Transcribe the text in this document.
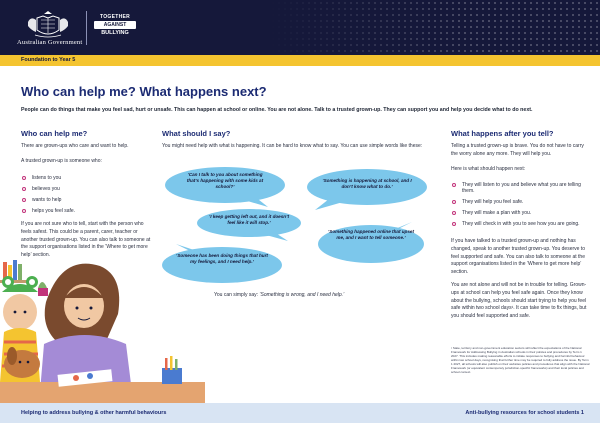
Australian Government
TOGETHER
AGAINST
BULLYING
Foundation to Year 5
Who can help me? What happens next?

People can do things that make you feel sad, hurt or unsafe. This can happen at school or online. You are not alone. Talk to a trusted grown-up. They can support you and help you decide what to do next.

Who can help me?

There are grown-ups who care and want to help.

A trusted grown-up is someone who:

listens to you
believes you
wants to help
helps you feel safe.

If you are not sure who to tell, start with the person who feels safest. This could be a parent, carer, teacher or another trusted grown-up. You can also talk to someone at the support organisations listed in the ‘Where to get more help’ section.

What should I say?

You might need help with what is happening. It can be hard to know what to say. You can use simple words like these:

‘Can I talk to you about something that’s happening with some kids at school?’

‘Something is happening at school, and I don’t know what to do.’

‘I keep getting left out, and it doesn’t feel like it will stop.’

‘Someone has been doing things that hurt my feelings, and I need help.’

‘Something happened online that upset me, and I want to tell someone.’

You can simply say: ‘Something is wrong, and I need help.’

What happens after you tell?

Telling a trusted grown-up is brave. You do not have to carry the worry alone any more. They will help you.

Here is what should happen next:

They will listen to you and believe what you are telling them.
They will help you feel safe.
They will make a plan with you.
They will check in with you to see how you are going.

If you have talked to a trusted grown-up and nothing has changed, speak to another trusted grown-up. You deserve to feel supported and safe. You can also talk to someone at the support organisations listed in the ‘Where to get more help’ section.

You are not alone and will not be in trouble for telling. Grown-ups at school can help you feel safe again. Once they know about the bullying, schools should start trying to help you feel safe within two school days¹. It can take time to fix things, but you should feel supported and safe.

¹ State, territory and non-government education sectors will reflect the expectations of the National Framework for Addressing Bullying in Australian schools in their policies and procedures by Term 1 2027. This includes making reasonable efforts to initiate responses to bullying and harmful behaviour within two school days, recognising that further time may be required to fully address the issue. By Term 1 2027, all schools will also publish on their websites policies and procedures that align with the National Framework (or equivalent contemporary jurisdiction-specific frameworks) and their local policies and school context.

Helping to address bullying & other harmful behaviours	Anti-bullying resources for school students 1
